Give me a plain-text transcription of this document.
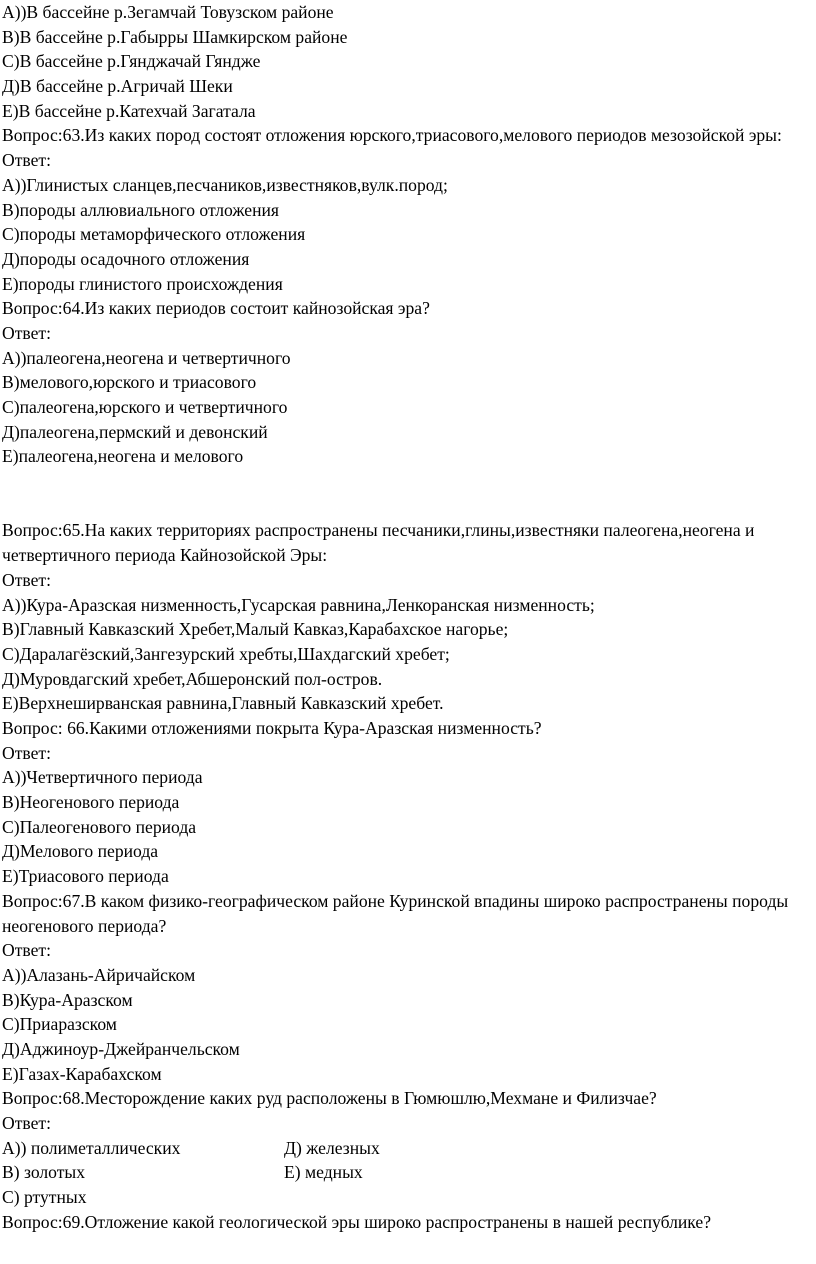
A))В бассейне р.Зегамчай Товузском районе
B)В бассейне р.Габырры Шамкирском районе
C)В бассейне р.Гянджачай Гяндже
Д)В бассейне р.Агричай Шеки
E)В бассейне р.Катехчай Загатала
Вопрос:63.Из каких пород состоят отложения юрского,триасового,мелового периодов мезозойской эры:
Ответ:
A))Глинистых сланцев,песчаников,известняков,вулк.пород;
B)породы аллювиального отложения
C)породы метаморфического отложения
Д)породы осадочного отложения
E)породы глинистого происхождения
Вопрос:64.Из каких периодов состоит кайнозойская эра?
Ответ:
A))палеогена,неогена и четвертичного
B)мелового,юрского и триасового
C)палеогена,юрского и четвертичного
Д)палеогена,пермский и девонский
E)палеогена,неогена и мелового
Вопрос:65.На каких территориях распространены песчаники,глины,известняки палеогена,неогена и четвертичного периода Кайнозойской Эры:
Ответ:
A))Кура-Аразская низменность,Гусарская равнина,Ленкоранская низменность;
B)Главный Кавказский Хребет,Малый Кавказ,Карабахское нагорье;
C)Даралагёзский,Зангезурский хребты,Шахдагский хребет;
Д)Муровдагский хребет,Абшеронский пол-остров.
E)Верхнеширванская равнина,Главный Кавказский хребет.
Вопрос: 66.Какими отложениями покрыта Кура-Аразская низменность?
Ответ:
A))Четвертичного периода
B)Неогенового периода
C)Палеогенового периода
Д)Мелового периода
E)Триасового периода
Вопрос:67.В каком физико-географическом районе Куринской впадины широко распространены породы неогенового периода?
Ответ:
A))Алазань-Айричайском
B)Кура-Аразском
C)Приаразском
Д)Аджиноур-Джейранчельском
E)Газах-Карабахском
Вопрос:68.Месторождение каких руд расположены в Гюмюшлю,Мехмане и Филизчае?
Ответ:
A)) полиметаллических	Д) железных
B) золотых	E) медных
C) ртутных
Вопрос:69.Отложение какой геологической эры широко распространены в нашей республике?
